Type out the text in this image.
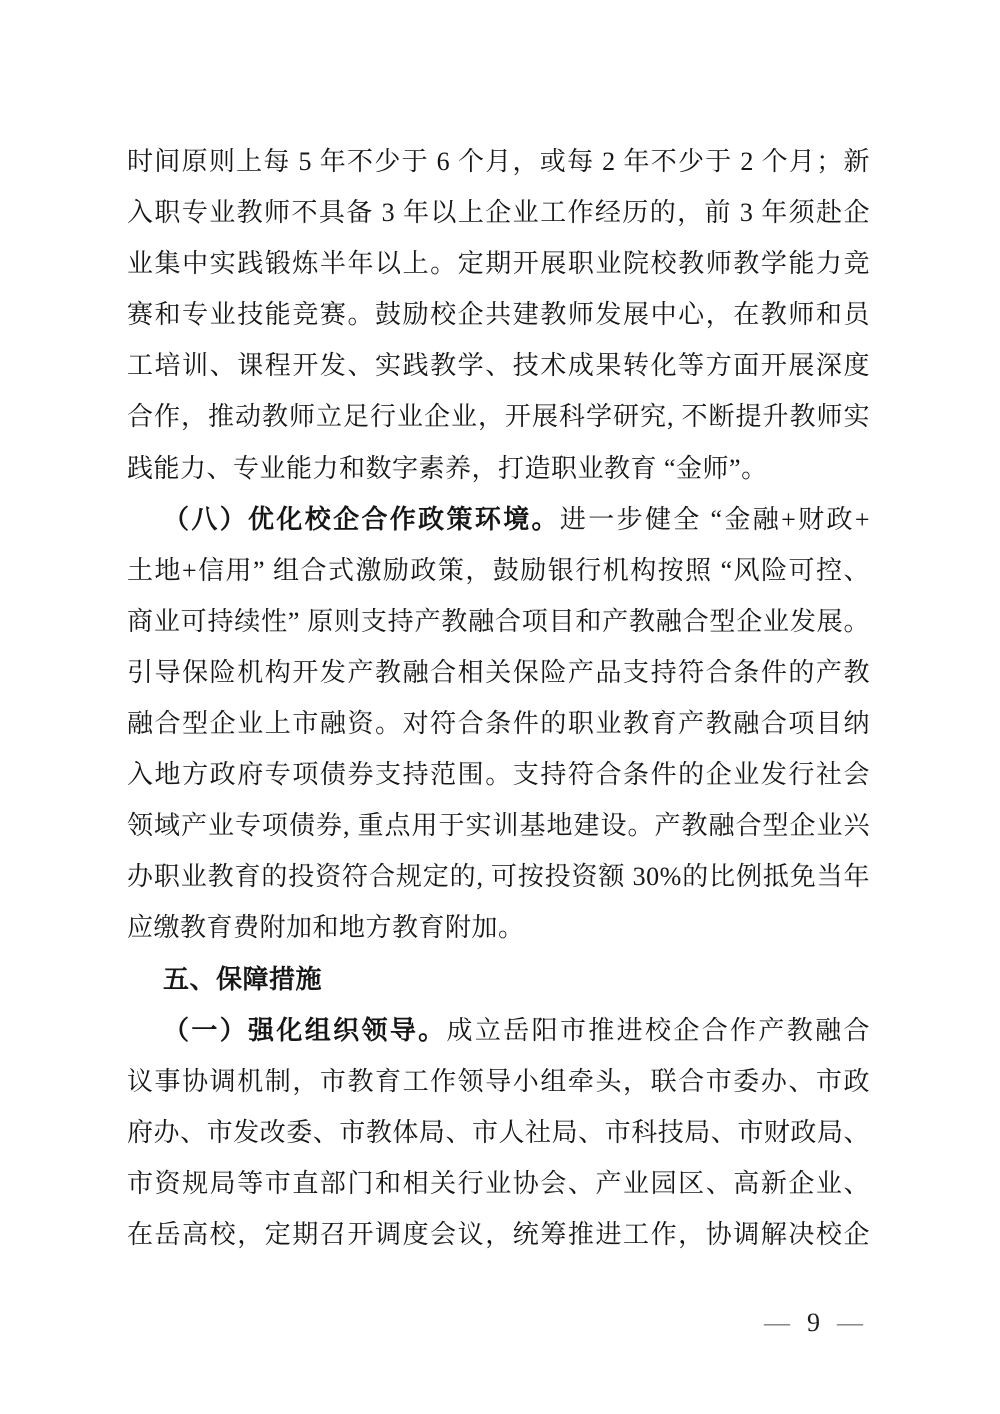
时间原则上每 5 年不少于 6 个月，或每 2 年不少于 2 个月；新
入职专业教师不具备 3 年以上企业工作经历的，前 3 年须赴企
业集中实践锻炼半年以上。定期开展职业院校教师教学能力竞
赛和专业技能竞赛。鼓励校企共建教师发展中心，在教师和员
工培训、课程开发、实践教学、技术成果转化等方面开展深度
合作，推动教师立足行业企业，开展科学研究, 不断提升教师实
践能力、专业能力和数字素养，打造职业教育 “金师”。
（八）优化校企合作政策环境。进一步健全 “金融+财政+
土地+信用” 组合式激励政策，鼓励银行机构按照 “风险可控、
商业可持续性” 原则支持产教融合项目和产教融合型企业发展。
引导保险机构开发产教融合相关保险产品支持符合条件的产教
融合型企业上市融资。对符合条件的职业教育产教融合项目纳
入地方政府专项债券支持范围。支持符合条件的企业发行社会
领域产业专项债券, 重点用于实训基地建设。产教融合型企业兴
办职业教育的投资符合规定的, 可按投资额 30%的比例抵免当年
应缴教育费附加和地方教育附加。
五、保障措施
（一）强化组织领导。成立岳阳市推进校企合作产教融合
议事协调机制，市教育工作领导小组牵头，联合市委办、市政
府办、市发改委、市教体局、市人社局、市科技局、市财政局、
市资规局等市直部门和相关行业协会、产业园区、高新企业、
在岳高校，定期召开调度会议，统筹推进工作，协调解决校企
— 9 —
